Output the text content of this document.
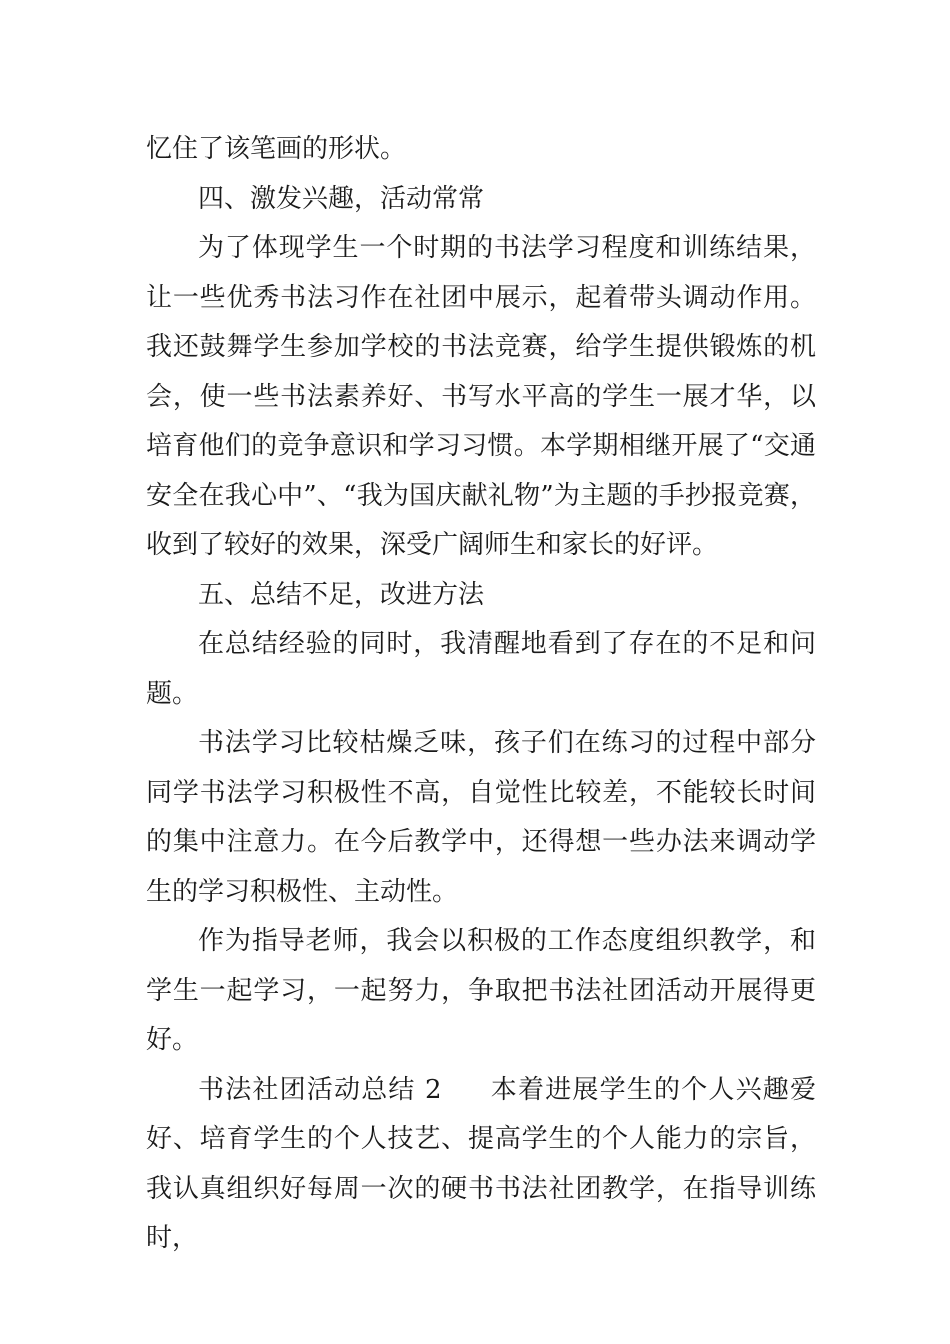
忆住了该笔画的形状。

四、激发兴趣，活动常常

为了体现学生一个时期的书法学习程度和训练结果，让一些优秀书法习作在社团中展示，起着带头调动作用。我还鼓舞学生参加学校的书法竞赛，给学生提供锻炼的机会，使一些书法素养好、书写水平高的学生一展才华，以培育他们的竞争意识和学习习惯。本学期相继开展了“交通安全在我心中”、“我为国庆献礼物”为主题的手抄报竞赛，收到了较好的效果，深受广阔师生和家长的好评。

五、总结不足，改进方法

在总结经验的同时，我清醒地看到了存在的不足和问题。

书法学习比较枯燥乏味，孩子们在练习的过程中部分同学书法学习积极性不高，自觉性比较差，不能较长时间的集中注意力。在今后教学中，还得想一些办法来调动学生的学习积极性、主动性。

作为指导老师，我会以积极的工作态度组织教学，和学生一起学习，一起努力，争取把书法社团活动开展得更好。

书法社团活动总结 2 本着进展学生的个人兴趣爱好、培育学生的个人技艺、提高学生的个人能力的宗旨，我认真组织好每周一次的硬书书法社团教学，在指导训练时，
